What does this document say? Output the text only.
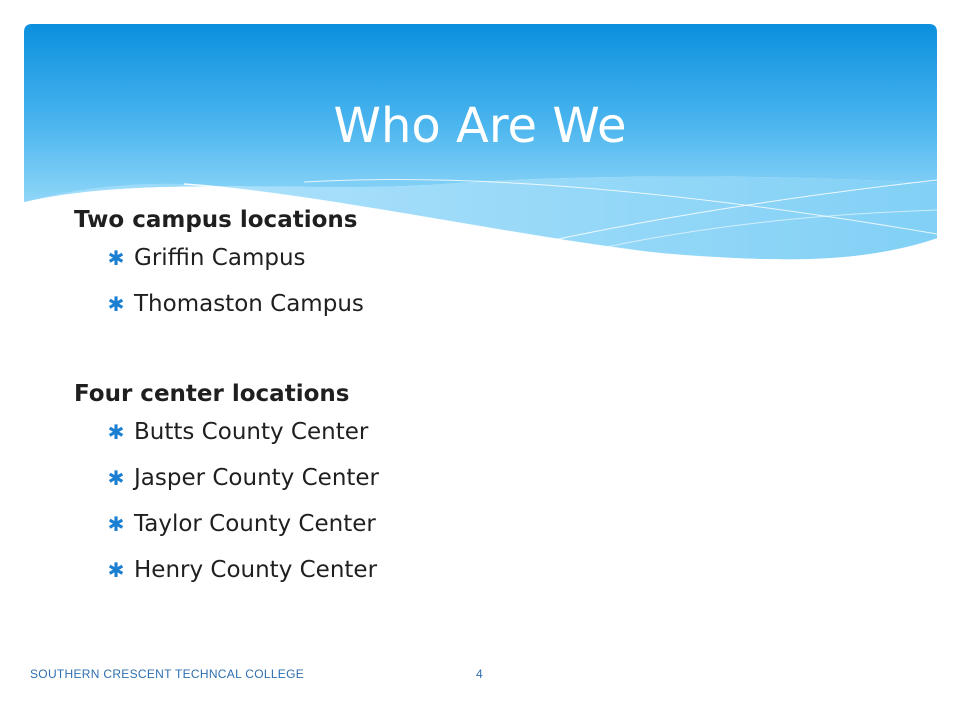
Who Are We

Two campus locations

✱ Griffin Campus
✱ Thomaston Campus

Four center locations

✱ Butts County Center
✱ Jasper County Center
✱ Taylor County Center
✱ Henry County Center
SOUTHERN CRESCENT TECHNCAL COLLEGE	4
